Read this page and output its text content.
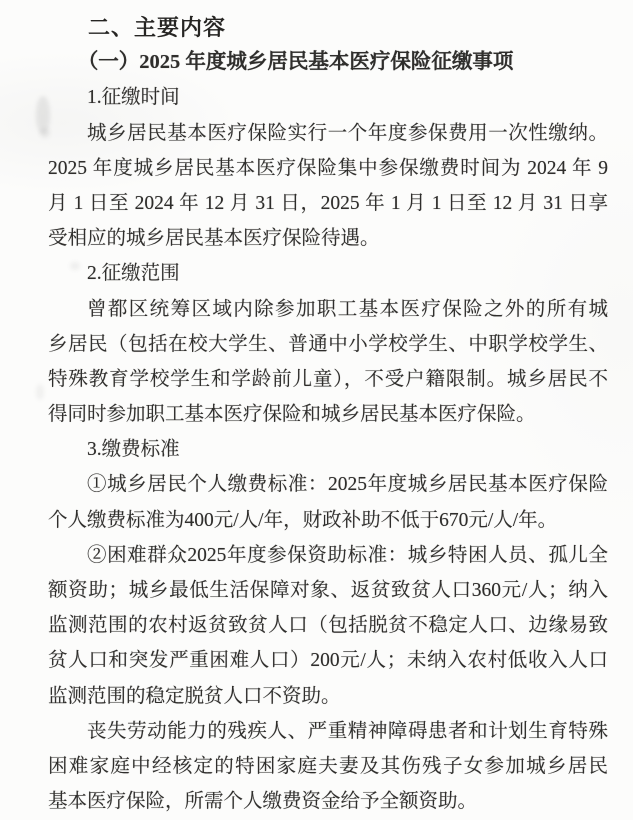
二、主要内容
（一）2025 年度城乡居民基本医疗保险征缴事项
1.征缴时间
城乡居民基本医疗保险实行一个年度参保费用一次性缴纳。
2025 年度城乡居民基本医疗保险集中参保缴费时间为 2024 年 9
月 1 日至 2024 年 12 月 31 日，2025 年 1 月 1 日至 12 月 31 日享
受相应的城乡居民基本医疗保险待遇。
2.征缴范围
曾都区统筹区域内除参加职工基本医疗保险之外的所有城
乡居民（包括在校大学生、普通中小学校学生、中职学校学生、
特殊教育学校学生和学龄前儿童），不受户籍限制。城乡居民不
得同时参加职工基本医疗保险和城乡居民基本医疗保险。
3.缴费标准
①城乡居民个人缴费标准：2025年度城乡居民基本医疗保险
个人缴费标准为400元/人/年，财政补助不低于670元/人/年。
②困难群众2025年度参保资助标准：城乡特困人员、孤儿全
额资助；城乡最低生活保障对象、返贫致贫人口360元/人；纳入
监测范围的农村返贫致贫人口（包括脱贫不稳定人口、边缘易致
贫人口和突发严重困难人口）200元/人；未纳入农村低收入人口
监测范围的稳定脱贫人口不资助。
丧失劳动能力的残疾人、严重精神障碍患者和计划生育特殊
困难家庭中经核定的特困家庭夫妻及其伤残子女参加城乡居民
基本医疗保险，所需个人缴费资金给予全额资助。
